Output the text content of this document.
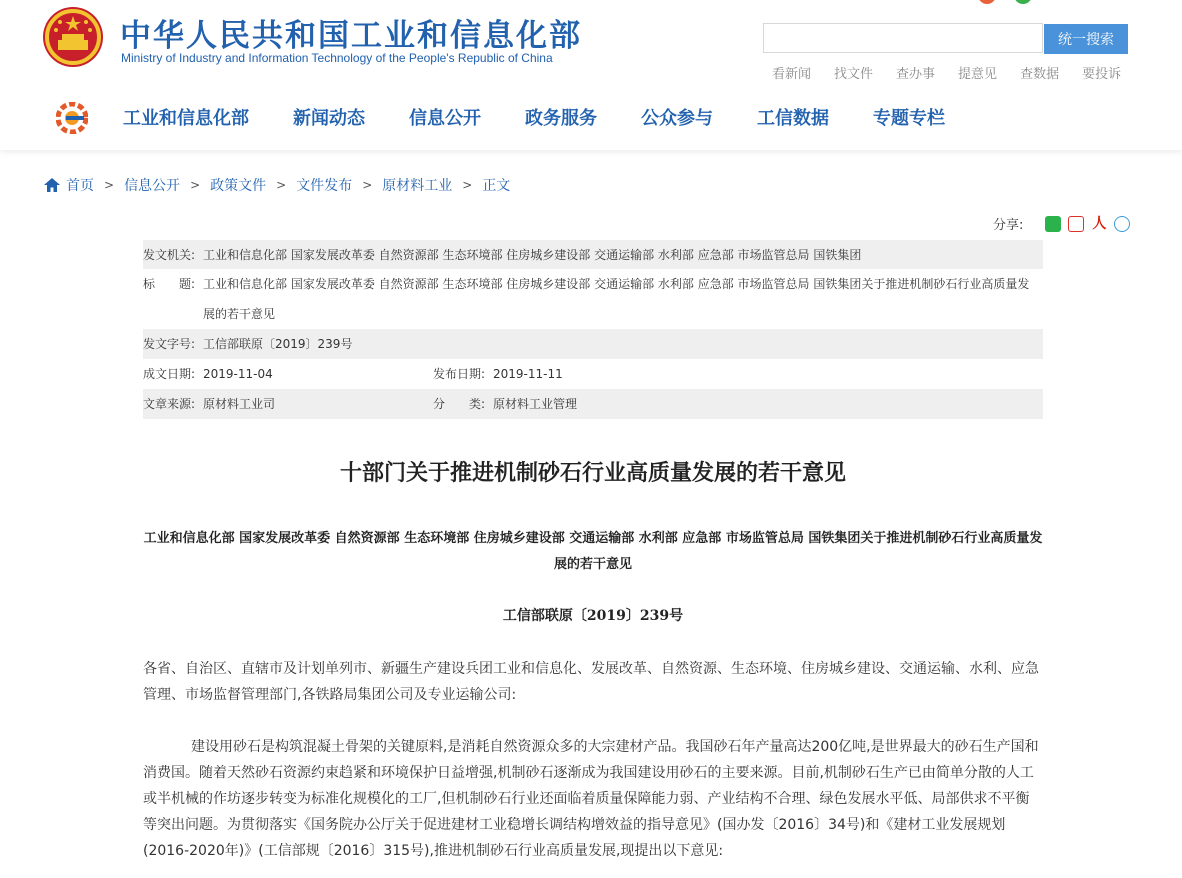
中华人民共和国工业和信息化部
Ministry of Industry and Information Technology of the People's Republic of China
统一搜索
看新闻 找文件 查办事 提意见 查数据 要投诉
工业和信息化部 新闻动态 信息公开 政务服务 公众参与 工信数据 专题专栏
首页 > 信息公开 > 政策文件 > 文件发布 > 原材料工业 > 正文
分享:	人
发文机关: 工业和信息化部 国家发展改革委 自然资源部 生态环境部 住房城乡建设部 交通运输部 水利部 应急部 市场监管总局 国铁集团
标　　题: 工业和信息化部 国家发展改革委 自然资源部 生态环境部 住房城乡建设部 交通运输部 水利部 应急部 市场监管总局 国铁集团关于推进机制砂石行业高质量发展的若干意见
发文字号: 工信部联原〔2019〕239号
成文日期: 2019-11-04	发布日期: 2019-11-11
文章来源: 原材料工业司	分　　类: 原材料工业管理
十部门关于推进机制砂石行业高质量发展的若干意见
工业和信息化部 国家发展改革委 自然资源部 生态环境部 住房城乡建设部 交通运输部 水利部 应急部 市场监管总局 国铁集团关于推进机制砂石行业高质量发展的若干意见
工信部联原〔2019〕239号
各省、自治区、直辖市及计划单列市、新疆生产建设兵团工业和信息化、发展改革、自然资源、生态环境、住房城乡建设、交通运输、水利、应急管理、市场监督管理部门,各铁路局集团公司及专业运输公司:
建设用砂石是构筑混凝土骨架的关键原料,是消耗自然资源众多的大宗建材产品。我国砂石年产量高达200亿吨,是世界最大的砂石生产国和消费国。随着天然砂石资源约束趋紧和环境保护日益增强,机制砂石逐渐成为我国建设用砂石的主要来源。目前,机制砂石生产已由简单分散的人工或半机械的作坊逐步转变为标准化规模化的工厂,但机制砂石行业还面临着质量保障能力弱、产业结构不合理、绿色发展水平低、局部供求不平衡等突出问题。为贯彻落实《国务院办公厅关于促进建材工业稳增长调结构增效益的指导意见》(国办发〔2016〕34号)和《建材工业发展规划(2016-2020年)》(工信部规〔2016〕315号),推进机制砂石行业高质量发展,现提出以下意见:
